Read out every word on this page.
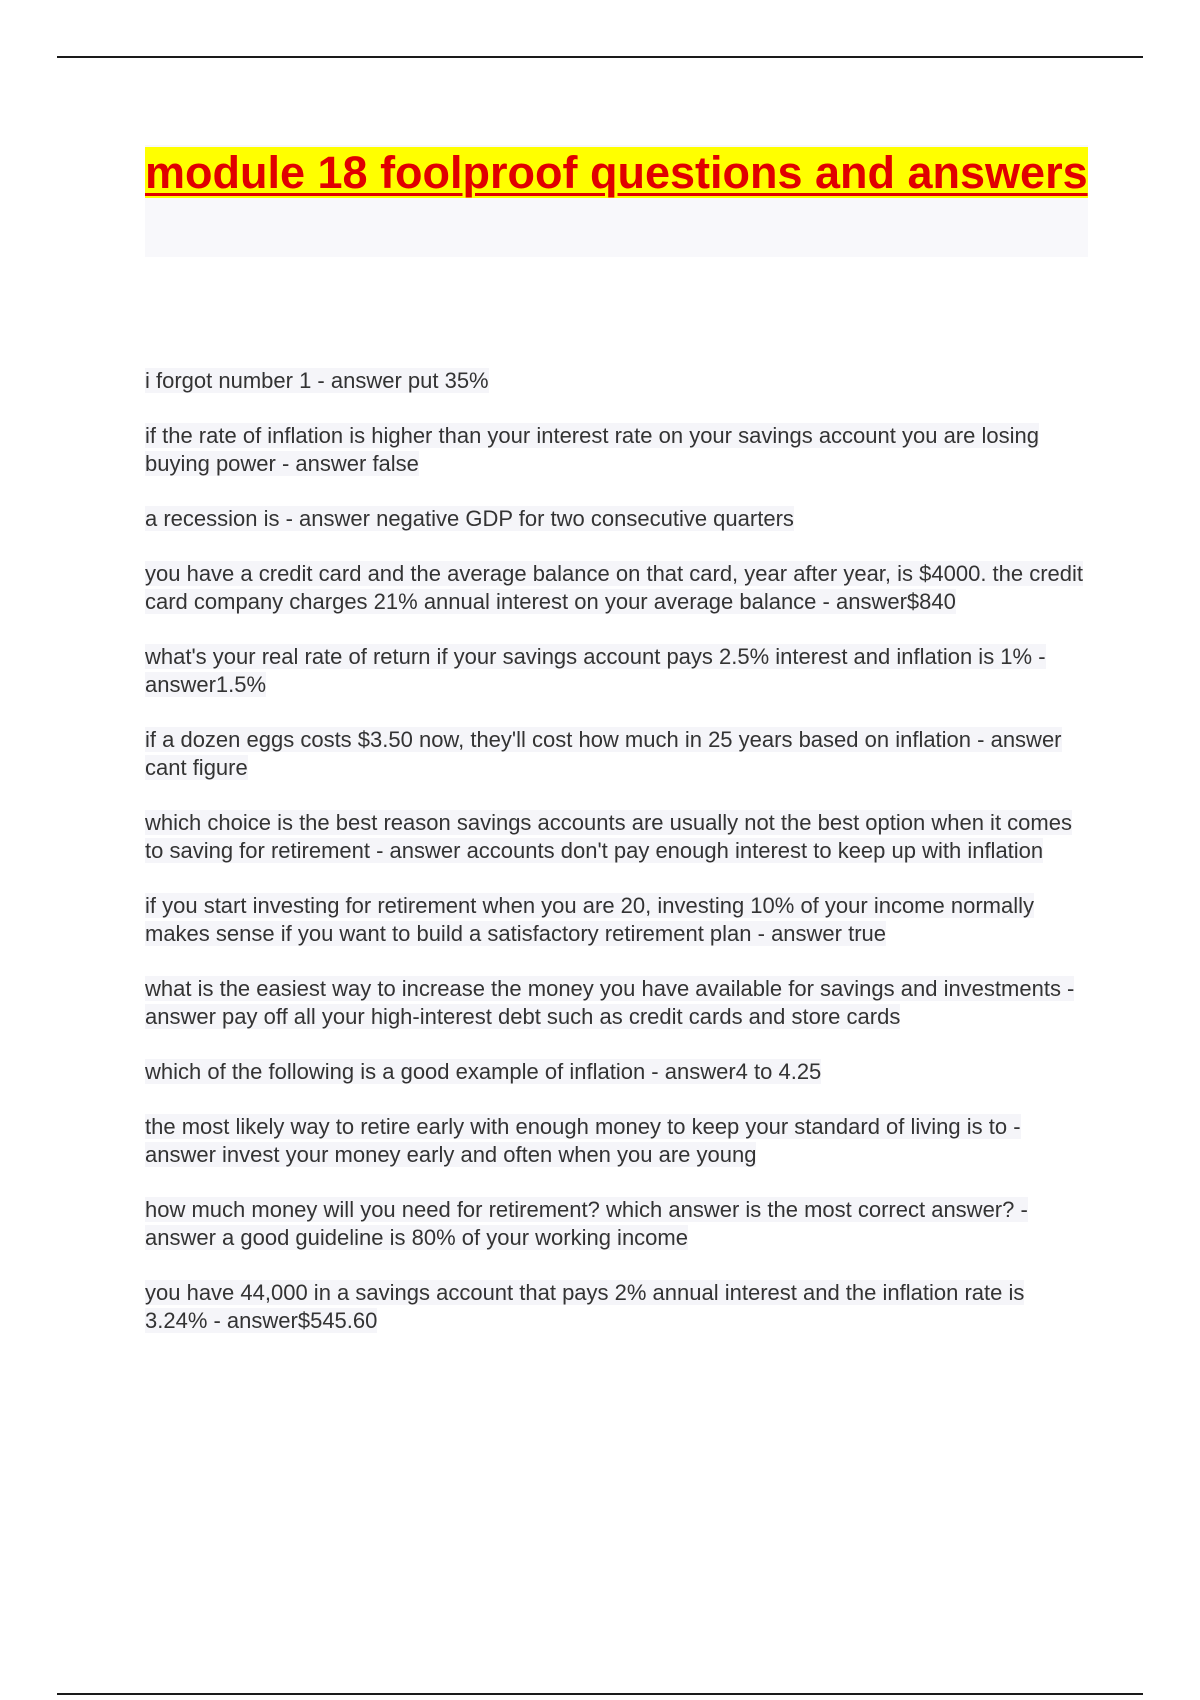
module 18 foolproof questions and answers
i forgot number 1 - answer put 35%
if the rate of inflation is higher than your interest rate on your savings account you are losing buying power - answer false
a recession is - answer negative GDP for two consecutive quarters
you have a credit card and the average balance on that card, year after year, is $4000. the credit card company charges 21% annual interest on your average balance - answer$840
what's your real rate of return if your savings account pays 2.5% interest and inflation is 1% - answer1.5%
if a dozen eggs costs $3.50 now, they'll cost how much in 25 years based on inflation - answer cant figure
which choice is the best reason savings accounts are usually not the best option when it comes to saving for retirement - answer accounts don't pay enough interest to keep up with inflation
if you start investing for retirement when you are 20, investing 10% of your income normally makes sense if you want to build a satisfactory retirement plan - answer true
what is the easiest way to increase the money you have available for savings and investments - answer pay off all your high-interest debt such as credit cards and store cards
which of the following is a good example of inflation - answer4 to 4.25
the most likely way to retire early with enough money to keep your standard of living is to - answer invest your money early and often when you are young
how much money will you need for retirement? which answer is the most correct answer? - answer a good guideline is 80% of your working income
you have 44,000 in a savings account that pays 2% annual interest and the inflation rate is 3.24% - answer$545.60
